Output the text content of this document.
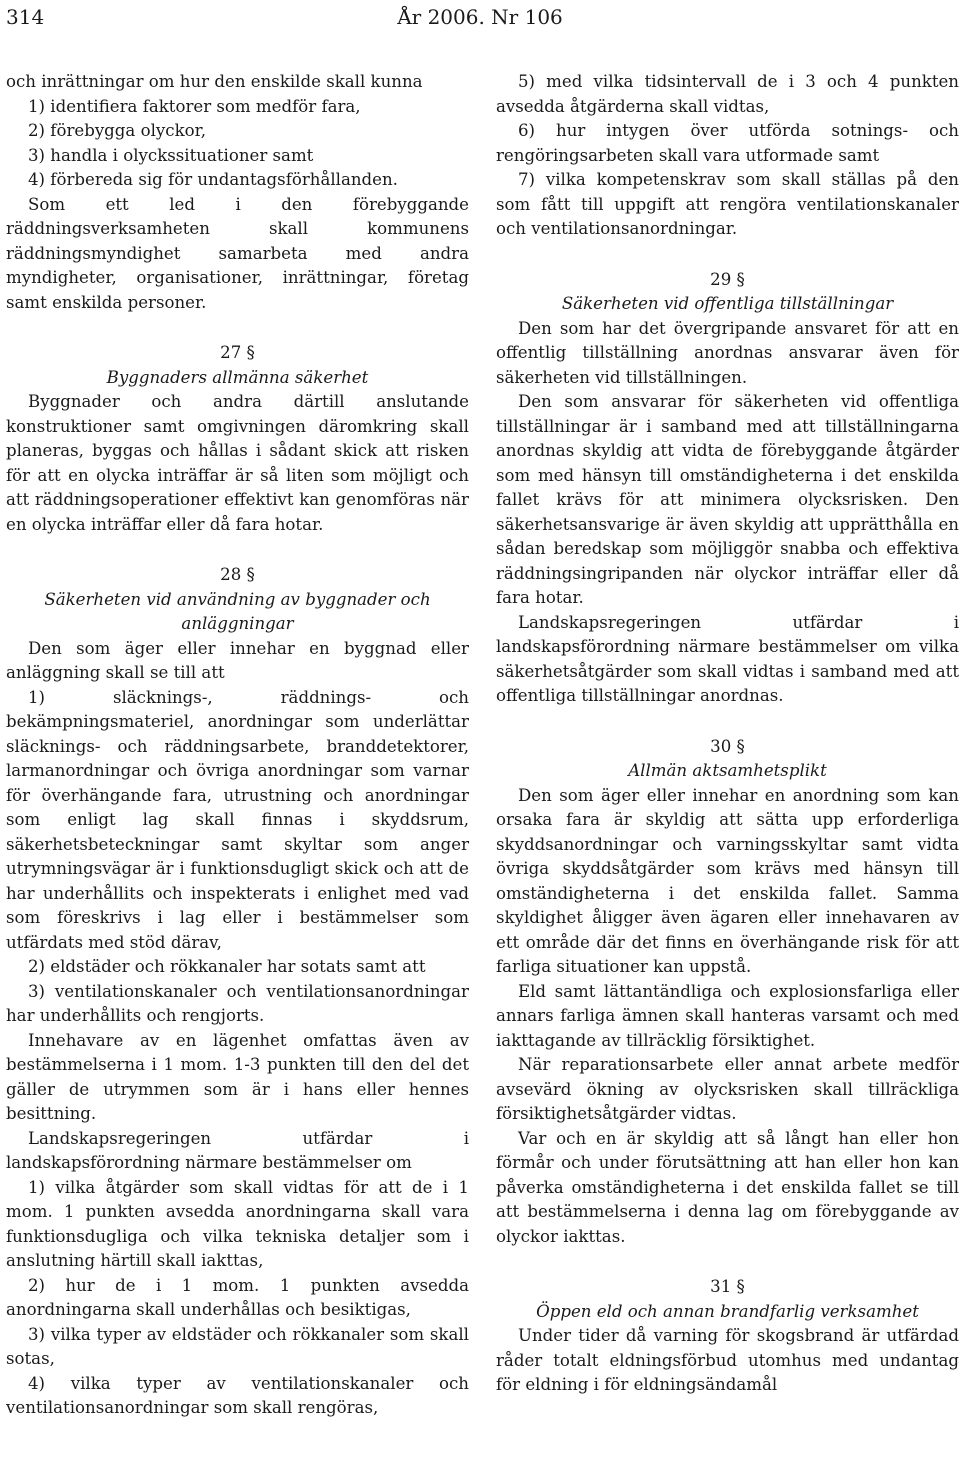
314	År 2006. Nr 106

och inrättningar om hur den enskilde skall kunna

1) identifiera faktorer som medför fara,

2) förebygga olyckor,

3) handla i olyckssituationer samt

4) förbereda sig för undantagsförhållanden.

Som ett led i den förebyggande räddningsverksamheten skall kommunens räddningsmyndighet samarbeta med andra myndigheter, organisationer, inrättningar, företag samt enskilda personer.

27 §
Byggnaders allmänna säkerhet

Byggnader och andra därtill anslutande konstruktioner samt omgivningen däromkring skall planeras, byggas och hållas i sådant skick att risken för att en olycka inträffar är så liten som möjligt och att räddningsoperationer effektivt kan genomföras när en olycka inträffar eller då fara hotar.

28 §
Säkerheten vid användning av byggnader och anläggningar

Den som äger eller innehar en byggnad eller anläggning skall se till att

1) släcknings-, räddnings- och bekämpningsmateriel, anordningar som underlättar släcknings- och räddningsarbete, branddetektorer, larmanordningar och övriga anordningar som varnar för överhängande fara, utrustning och anordningar som enligt lag skall finnas i skyddsrum, säkerhetsbeteckningar samt skyltar som anger utrymningsvägar är i funktionsdugligt skick och att de har underhållits och inspekterats i enlighet med vad som föreskrivs i lag eller i bestämmelser som utfärdats med stöd därav,

2) eldstäder och rökkanaler har sotats samt att

3) ventilationskanaler och ventilationsanordningar har underhållits och rengjorts.

Innehavare av en lägenhet omfattas även av bestämmelserna i 1 mom. 1-3 punkten till den del det gäller de utrymmen som är i hans eller hennes besittning.

Landskapsregeringen utfärdar i landskapsförordning närmare bestämmelser om

1) vilka åtgärder som skall vidtas för att de i 1 mom. 1 punkten avsedda anordningarna skall vara funktionsdugliga och vilka tekniska detaljer som i anslutning härtill skall iakttas,

2) hur de i 1 mom. 1 punkten avsedda anordningarna skall underhållas och besiktigas,

3) vilka typer av eldstäder och rökkanaler som skall sotas,

4) vilka typer av ventilationskanaler och ventilationsanordningar som skall rengöras,

5) med vilka tidsintervall de i 3 och 4 punkten avsedda åtgärderna skall vidtas,

6) hur intygen över utförda sotnings- och rengöringsarbeten skall vara utformade samt

7) vilka kompetenskrav som skall ställas på den som fått till uppgift att rengöra ventilationskanaler och ventilationsanordningar.

29 §
Säkerheten vid offentliga tillställningar

Den som har det övergripande ansvaret för att en offentlig tillställning anordnas ansvarar även för säkerheten vid tillställningen.

Den som ansvarar för säkerheten vid offentliga tillställningar är i samband med att tillställningarna anordnas skyldig att vidta de förebyggande åtgärder som med hänsyn till omständigheterna i det enskilda fallet krävs för att minimera olycksrisken. Den säkerhetsansvarige är även skyldig att upprätthålla en sådan beredskap som möjliggör snabba och effektiva räddningsingripanden när olyckor inträffar eller då fara hotar.

Landskapsregeringen utfärdar i landskapsförordning närmare bestämmelser om vilka säkerhetsåtgärder som skall vidtas i samband med att offentliga tillställningar anordnas.

30 §
Allmän aktsamhetsplikt

Den som äger eller innehar en anordning som kan orsaka fara är skyldig att sätta upp erforderliga skyddsanordningar och varningsskyltar samt vidta övriga skyddsåtgärder som krävs med hänsyn till omständigheterna i det enskilda fallet. Samma skyldighet åligger även ägaren eller innehavaren av ett område där det finns en överhängande risk för att farliga situationer kan uppstå.

Eld samt lättantändliga och explosionsfarliga eller annars farliga ämnen skall hanteras varsamt och med iakttagande av tillräcklig försiktighet.

När reparationsarbete eller annat arbete medför avsevärd ökning av olycksrisken skall tillräckliga försiktighetsåtgärder vidtas.

Var och en är skyldig att så långt han eller hon förmår och under förutsättning att han eller hon kan påverka omständigheterna i det enskilda fallet se till att bestämmelserna i denna lag om förebyggande av olyckor iakttas.

31 §
Öppen eld och annan brandfarlig verksamhet

Under tider då varning för skogsbrand är utfärdad råder totalt eldningsförbud utomhus med undantag för eldning i för eldningsändamål
